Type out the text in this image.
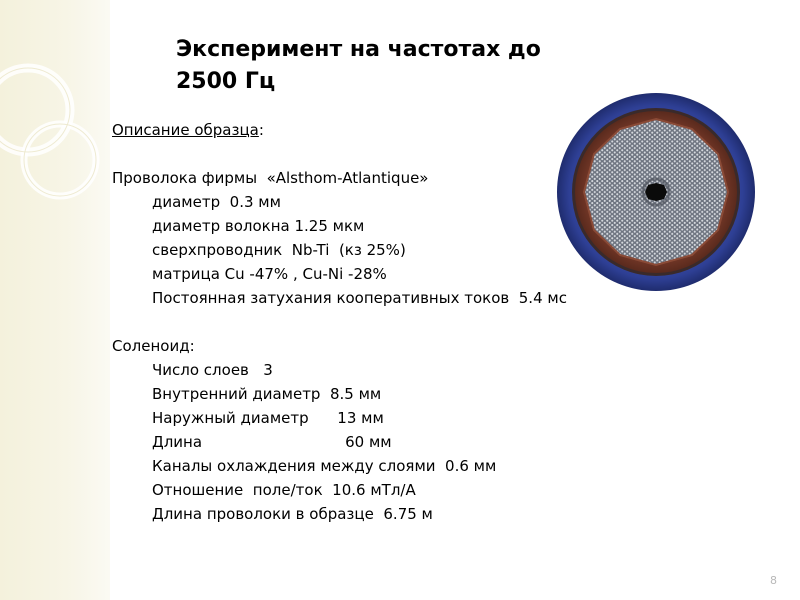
Эксперимент на частотах до
2500 Гц
Описание образца:
Проволока фирмы  «Alsthom-Atlantique»
диаметр  0.3 мм
диаметр волокна 1.25 мкм
сверхпроводник  Nb-Ti  (кз 25%)
матрица Cu -47% , Cu-Ni -28%
Постоянная затухания кооперативных токов  5.4 мс
Соленоид:
Число слоев   3
Внутренний диаметр  8.5 мм
Наружный диаметр      13 мм
Длина                              60 мм
Каналы охлаждения между слоями  0.6 мм
Отношение  поле/ток  10.6 мТл/А
Длина проволоки в образце  6.75 м
8
